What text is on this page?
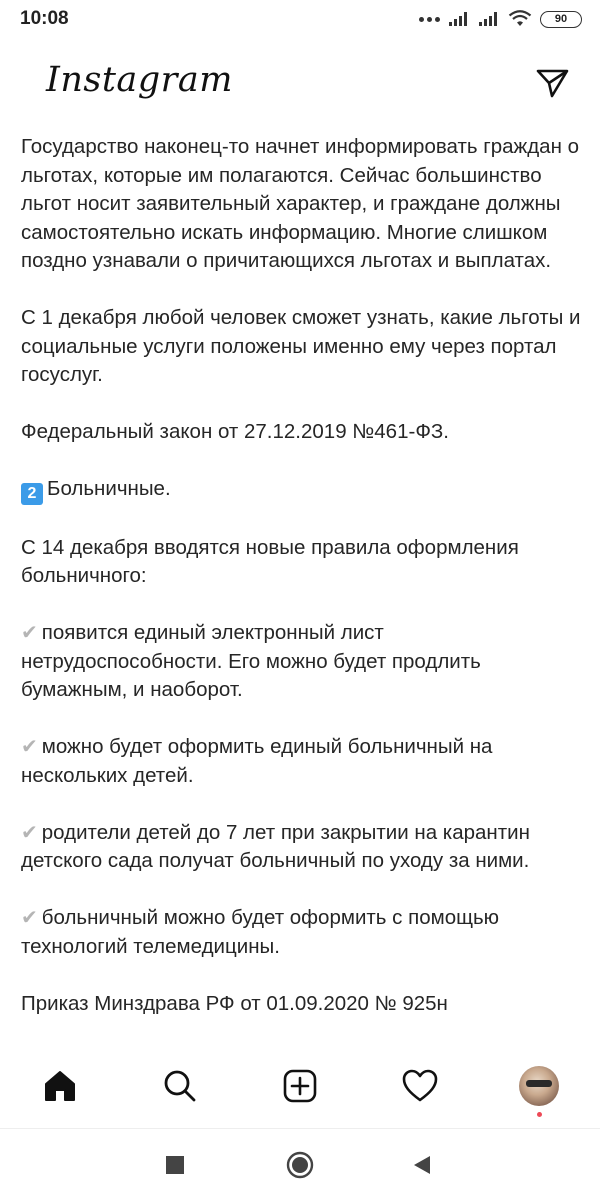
10:08	90
Instagram

Государство наконец-то начнет информировать граждан о льготах, которые им полагаются. Сейчас большинство льгот носит заявительный характер, и граждане должны самостоятельно искать информацию. Многие слишком поздно узнавали о причитающихся льготах и выплатах.

С 1 декабря любой человек сможет узнать, какие льготы и социальные услуги положены именно ему через портал госуслуг.

Федеральный закон от 27.12.2019 №461-ФЗ.

2 Больничные.

С 14 декабря вводятся новые правила оформления больничного:

✔ появится единый электронный лист нетрудоспособности. Его можно будет продлить бумажным, и наоборот.

✔ можно будет оформить единый больничный на нескольких детей.

✔ родители детей до 7 лет при закрытии на карантин детского сада получат больничный по уходу за ними.

✔ больничный можно будет оформить с помощью технологий телемедицины.

Приказ Минздрава РФ от 01.09.2020 № 925н
